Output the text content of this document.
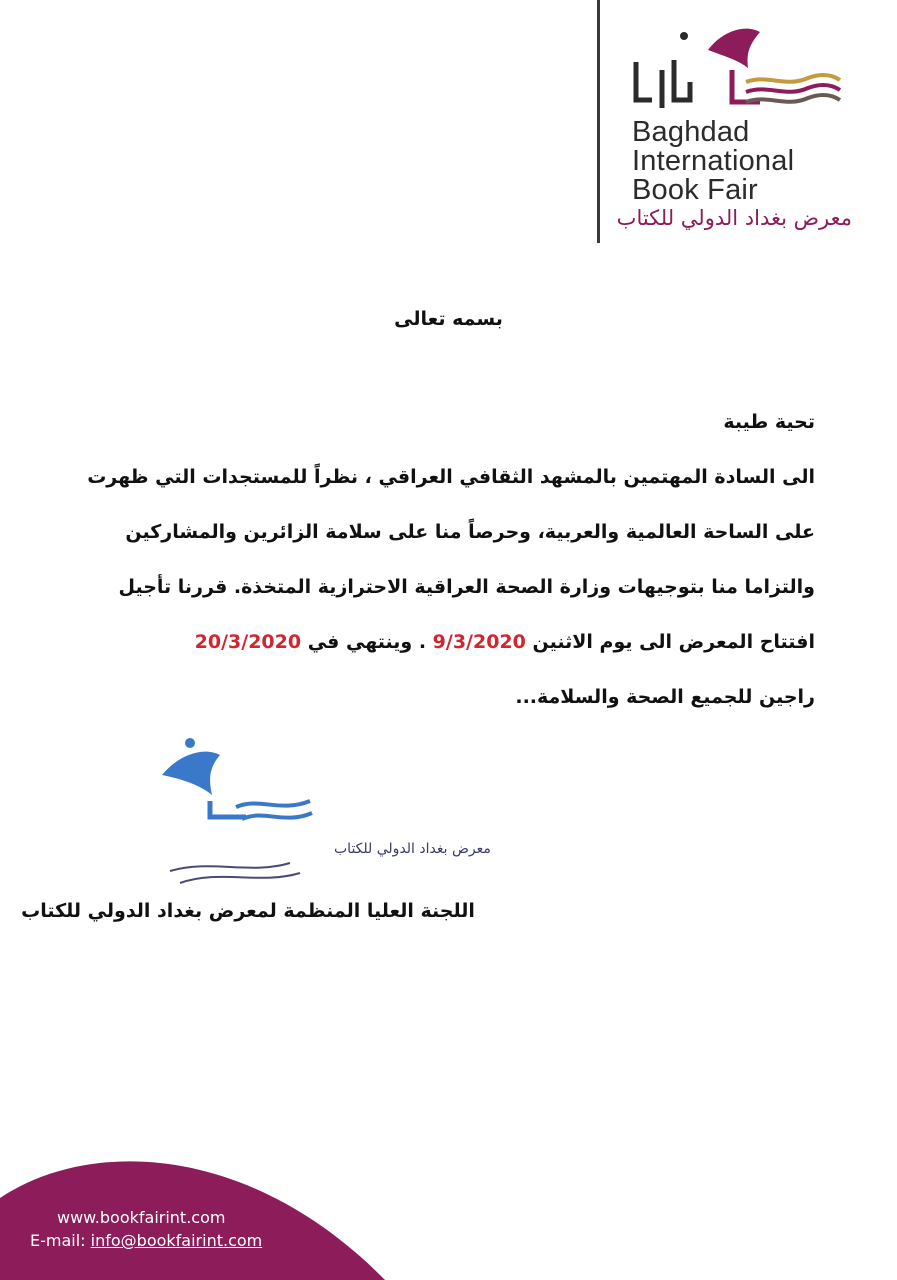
Baghdad
International
Book Fair
معرض بغداد الدولي للكتاب
بسمه تعالى

تحية طيبة

الى السادة المهتمين بالمشهد الثقافي العراقي ، نظراً للمستجدات التي ظهرت

على الساحة العالمية والعربية، وحرصاً منا على سلامة الزائرين والمشاركين

والتزاما منا بتوجيهات وزارة الصحة العراقية الاحترازية المتخذة. قررنا تأجيل

افتتاح المعرض الى يوم الاثنين 9/3/2020 . وينتهي في 20/3/2020

راجين للجميع الصحة والسلامة...

معرض بغداد الدولي للكتاب
اللجنة العليا المنظمة لمعرض بغداد الدولي للكتاب
www.bookfairint.com
E-mail: info@bookfairint.com
